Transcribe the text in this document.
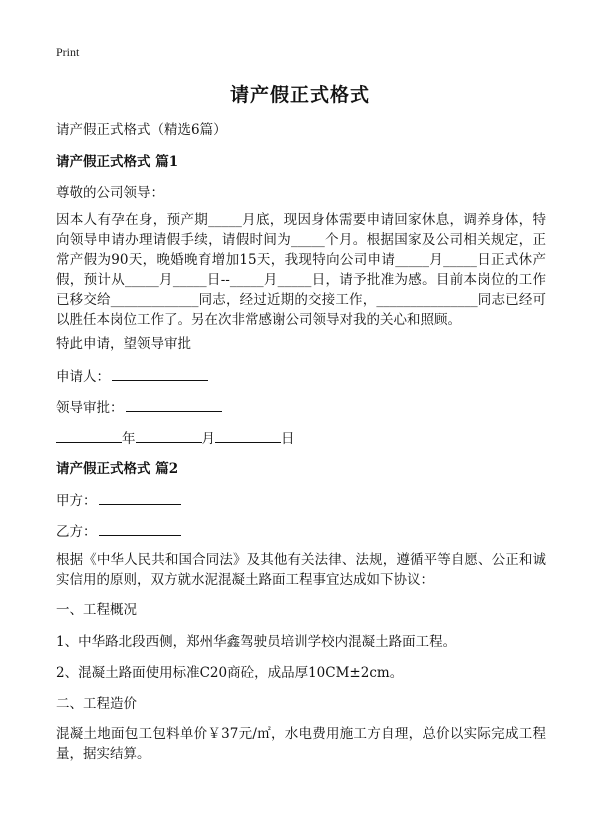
Print
请产假正式格式
请产假正式格式（精选6篇）
请产假正式格式 篇1
尊敬的公司领导：
因本人有孕在身，预产期_____月底，现因身体需要申请回家休息，调养身体，特向领导申请办理请假手续，请假时间为_____个月。根据国家及公司相关规定，正常产假为90天，晚婚晚育增加15天，我现特向公司申请_____月_____日正式休产假，预计从_____月_____日--_____月_____日，请予批准为感。目前本岗位的工作已移交给_____________同志，经过近期的交接工作，_______________同志已经可以胜任本岗位工作了。另在次非常感谢公司领导对我的关心和照顾。
特此申请，望领导审批
申请人：
领导审批：
年	月	日
请产假正式格式 篇2
甲方：
乙方：
根据《中华人民共和国合同法》及其他有关法律、法规，遵循平等自愿、公正和诚实信用的原则，双方就水泥混凝土路面工程事宜达成如下协议：
一、工程概况
1、中华路北段西侧，郑州华鑫驾驶员培训学校内混凝土路面工程。
2、混凝土路面使用标准C20商砼，成品厚10CM±2cm。
二、工程造价
混凝土地面包工包料单价￥37元/㎡，水电费用施工方自理，总价以实际完成工程量，据实结算。
